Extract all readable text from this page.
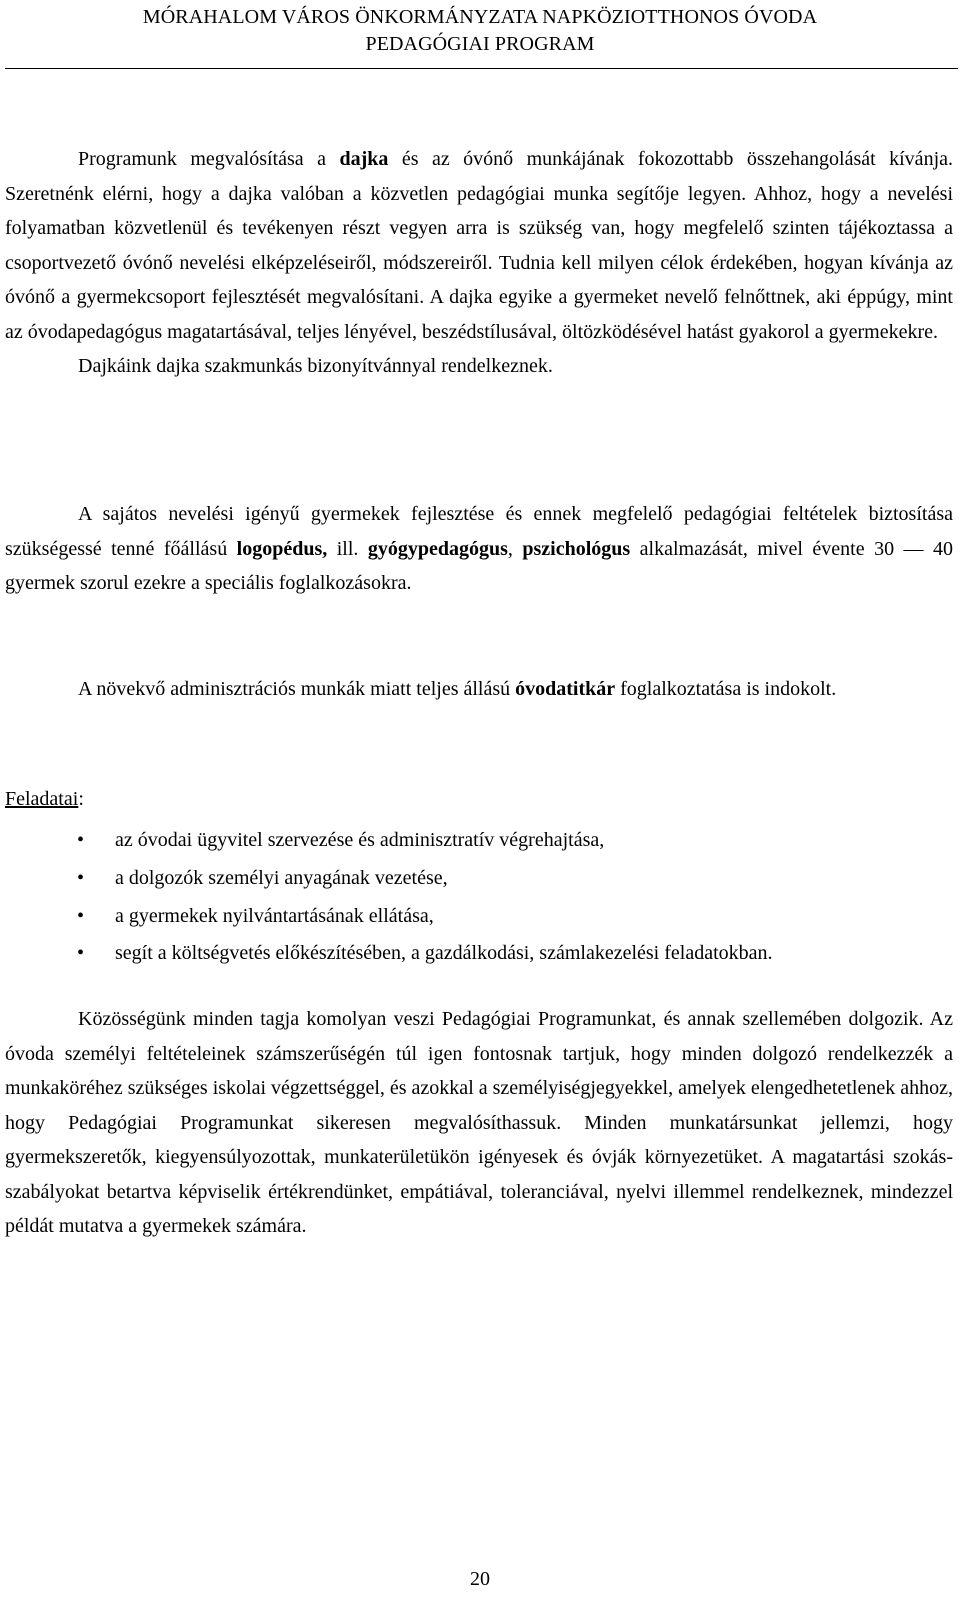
MÓRAHALOM VÁROS ÖNKORMÁNYZATA NAPKÖZIOTTHONOS ÓVODA
PEDAGÓGIAI PROGRAM

Programunk megvalósítása a dajka és az óvónő munkájának fokozottabb összehangolását kívánja. Szeretnénk elérni, hogy a dajka valóban a közvetlen pedagógiai munka segítője legyen. Ahhoz, hogy a nevelési folyamatban közvetlenül és tevékenyen részt vegyen arra is szükség van, hogy megfelelő szinten tájékoztassa a csoportvezető óvónő nevelési elképzeléseiről, módszereiről. Tudnia kell milyen célok érdekében, hogyan kívánja az óvónő a gyermekcsoport fejlesztését megvalósítani. A dajka egyike a gyermeket nevelő felnőttnek, aki éppúgy, mint az óvodapedagógus magatartásával, teljes lényével, beszédstílusával, öltözködésével hatást gyakorol a gyermekekre.
Dajkáink dajka szakmunkás bizonyítvánnyal rendelkeznek.

A sajátos nevelési igényű gyermekek fejlesztése és ennek megfelelő pedagógiai feltételek biztosítása szükségessé tenné főállású logopédus, ill. gyógypedagógus, pszichológus alkalmazását, mivel évente 30 — 40 gyermek szorul ezekre a speciális foglalkozásokra.

A növekvő adminisztrációs munkák miatt teljes állású óvodatitkár foglalkoztatása is indokolt.

Feladatai:

• az óvodai ügyvitel szervezése és adminisztratív végrehajtása,
• a dolgozók személyi anyagának vezetése,
• a gyermekek nyilvántartásának ellátása,
• segít a költségvetés előkészítésében, a gazdálkodási, számlakezelési feladatokban.

Közösségünk minden tagja komolyan veszi Pedagógiai Programunkat, és annak szellemében dolgozik. Az óvoda személyi feltételeinek számszerűségén túl igen fontosnak tartjuk, hogy minden dolgozó rendelkezzék a munkaköréhez szükséges iskolai végzettséggel, és azokkal a személyiségjegyekkel, amelyek elengedhetetlenek ahhoz, hogy Pedagógiai Programunkat sikeresen megvalósíthassuk. Minden munkatársunkat jellemzi, hogy gyermekszeretők, kiegyensúlyozottak, munkaterületükön igényesek és óvják környezetüket. A magatartási szokás-szabályokat betartva képviselik értékrendünket, empátiával, toleranciával, nyelvi illemmel rendelkeznek, mindezzel példát mutatva a gyermekek számára.

20
